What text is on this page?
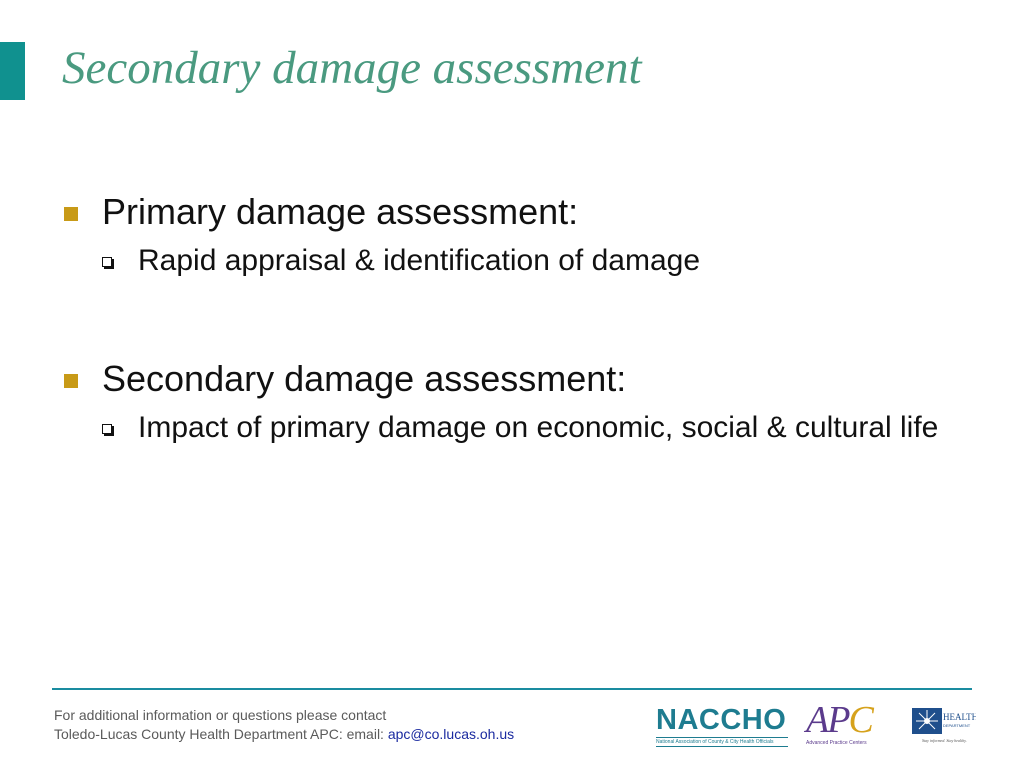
Secondary damage assessment
Primary damage assessment:
Rapid appraisal & identification of damage
Secondary damage assessment:
Impact of primary damage on economic, social & cultural life
For additional information or questions please contact
Toledo-Lucas County Health Department APC: email: apc@co.lucas.oh.us	NACCHO
National Association of County & City Health Officials
APC
Advanced Practice Centers
HEALTH
DEPARTMENT
Stay informed. Stay healthy.
